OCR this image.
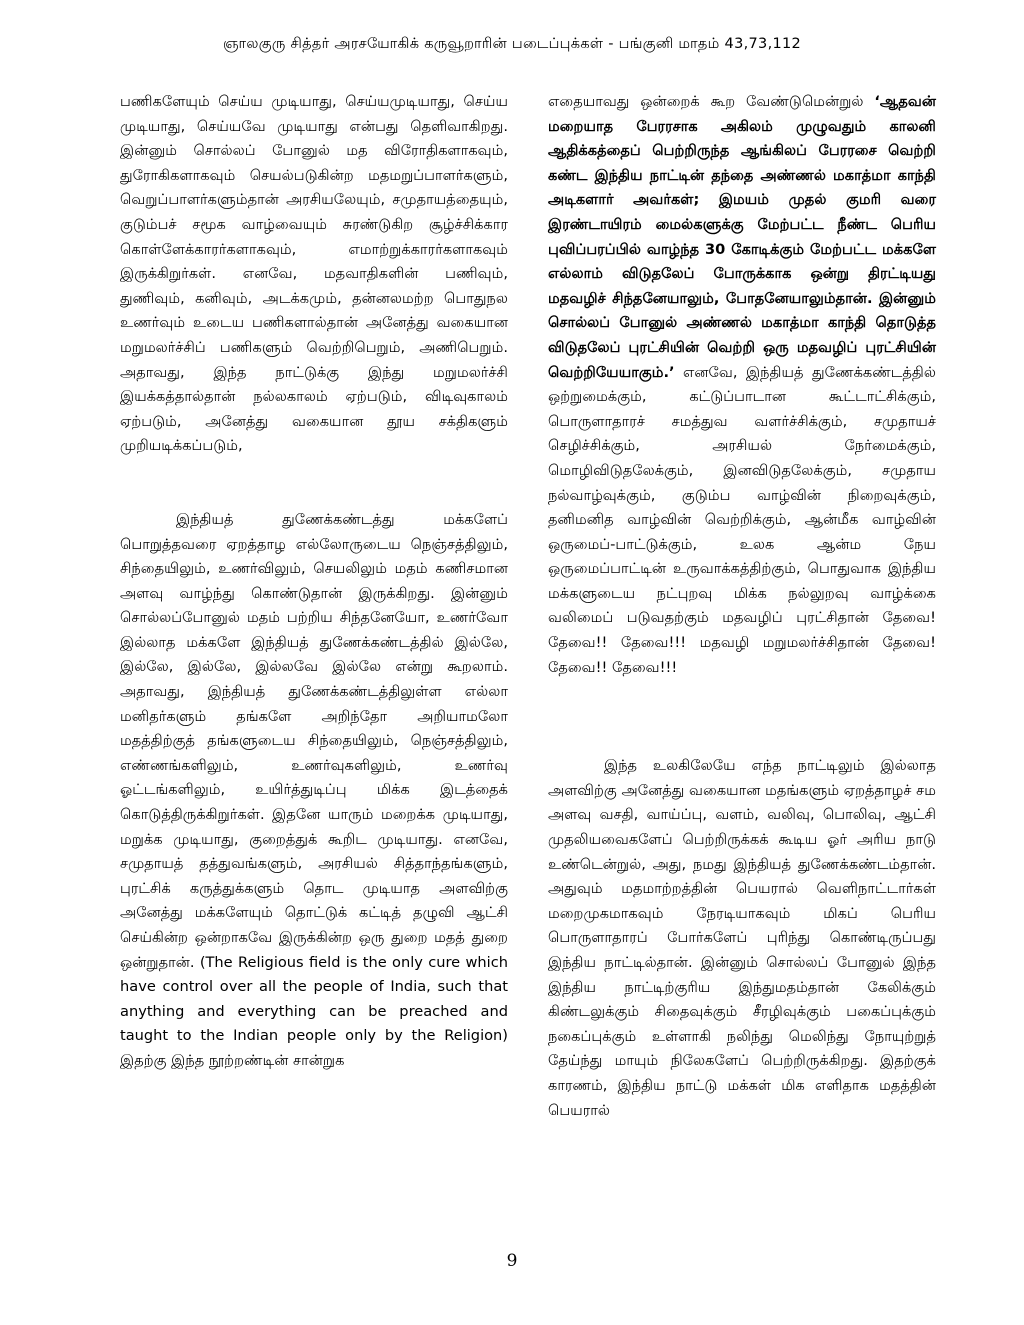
ஞாலகுரு சித்தர் அரசயோகிக் கருவூறாரின் படைப்புக்கள் - பங்குனி மாதம் 43,73,112

பணிகளேயும் செய்ய முடியாது, செய்யமுடியாது, செய்ய முடியாது, செய்யவே முடியாது என்பது தெளிவாகிறது. இன்னும் சொல்லப் போனுல் மத விரோதிகளாகவும், துரோகிகளாகவும் செயல்படுகின்ற மதமறுப்பாளர்களும், வெறுப்பாளர்களும்தான் அரசியலேயும், சமுதாயத்தையும், குடும்பச் சமூக வாழ்வையும் சுரண்டுகிற சூழ்ச்சிக்கார கொள்ளேக்காரர்களாகவும், எமாற்றுக்காரர்களாகவும் இருக்கிறுர்கள். எனவே, மதவாதிகளின் பணிவும், துணிவும், கனிவும், அடக்கமும், தன்னலமற்ற பொதுநல உணர்வும் உடைய பணிகளால்தான் அனேத்து வகையான மறுமலர்ச்சிப் பணிகளும் வெற்றிபெறும், அணிபெறும். அதாவது, இந்த நாட்டுக்கு இந்து மறுமலர்ச்சி இயக்கத்தால்தான் நல்லகாலம் ஏற்படும், விடிவுகாலம் ஏற்படும், அனேத்து வகையான தூய சக்திகளும் முறியடிக்கப்படும்,

இந்தியத் துணேக்கண்டத்து மக்களேப் பொறுத்தவரை ஏறத்தாழ எல்லோருடைய நெஞ்சத்திலும், சிந்தையிலும், உணர்விலும், செயலிலும் மதம் கணிசமான அளவு வாழ்ந்து கொண்டுதான் இருக்கிறது. இன்னும் சொல்லப்போனுல் மதம் பற்றிய சிந்தனேயோ, உணர்வோ இல்லாத மக்களே இந்தியத் துணேக்கண்டத்தில் இல்லே, இல்லே, இல்லே, இல்லவே இல்லே என்று கூறலாம். அதாவது, இந்தியத் துணேக்கண்டத்திலுள்ள எல்லா மனிதர்களும் தங்களே அறிந்தோ அறியாமலோ மதத்திற்குத் தங்களுடைய சிந்தையிலும், நெஞ்சத்திலும், எண்ணங்களிலும், உணர்வுகளிலும், உணர்வு ஓட்டங்களிலும், உயிர்த்துடிப்பு மிக்க இடத்தைக் கொடுத்திருக்கிறுர்கள். இதனே யாரும் மறைக்க முடியாது, மறுக்க முடியாது, குறைத்துக் கூறிட முடியாது. எனவே, சமுதாயத் தத்துவங்களும், அரசியல் சித்தாந்தங்களும், புரட்சிக் கருத்துக்களும் தொட முடியாத அளவிற்கு அனேத்து மக்களேயும் தொட்டுக் கட்டித் தழுவி ஆட்சி செய்கின்ற ஒன்றாகவே இருக்கின்ற ஒரு துறை மதத் துறை ஒன்றுதான். (The Religious field is the only cure which have control over all the people of India, such that anything and everything can be preached and taught to the Indian people only by the Religion) இதற்கு இந்த நூற்றண்டின் சான்றுக

எதையாவது ஒன்றைக் கூற வேண்டுமென்றுல் ‘ஆதவன் மறையாத பேரரசாக அகிலம் முழுவதும் காலனி ஆதிக்கத்தைப் பெற்றிருந்த ஆங்கிலப் பேரரசை வெற்றி கண்ட இந்திய நாட்டின் தந்தை அண்ணல் மகாத்மா காந்தி அடிகளார் அவர்கள்; இமயம் முதல் குமரி வரை இரண்டாயிரம் மைல்களுக்கு மேற்பட்ட நீண்ட பெரிய புவிப்பரப்பில் வாழ்ந்த 30 கோடிக்கும் மேற்பட்ட மக்களே எல்லாம் விடுதலேப் போருக்காக ஒன்று திரட்டியது மதவழிச் சிந்தனேயாலும், போதனேயாலும்தான். இன்னும் சொல்லப் போனுல் அண்ணல் மகாத்மா காந்தி தொடுத்த விடுதலேப் புரட்சியின் வெற்றி ஒரு மதவழிப் புரட்சியின் வெற்றியேயாகும்.’ எனவே, இந்தியத் துணேக்கண்டத்தில் ஒற்றுமைக்கும், கட்டுப்பாடான கூட்டாட்சிக்கும், பொருளாதாரச் சமத்துவ வளர்ச்சிக்கும், சமுதாயச் செழிச்சிக்கும், அரசியல் நேர்மைக்கும், மொழிவிடுதலேக்கும், இனவிடுதலேக்கும், சமுதாய நல்வாழ்வுக்கும், குடும்ப வாழ்வின் நிறைவுக்கும், தனிமனித வாழ்வின் வெற்றிக்கும், ஆன்மீக வாழ்வின் ஒருமைப்-பாட்டுக்கும், உலக ஆன்ம நேய ஒருமைப்பாட்டின் உருவாக்கத்திற்கும், பொதுவாக இந்திய மக்களுடைய நட்புறவு மிக்க நல்லுறவு வாழ்க்கை வலிமைப் படுவதற்கும் மதவழிப் புரட்சிதான் தேவை! தேவை!! தேவை!!! மதவழி மறுமலர்ச்சிதான் தேவை! தேவை!! தேவை!!!

இந்த உலகிலேயே எந்த நாட்டிலும் இல்லாத அளவிற்கு அனேத்து வகையான மதங்களும் ஏறத்தாழச் சம அளவு வசதி, வாய்ப்பு, வளம், வலிவு, பொலிவு, ஆட்சி முதலியவைகளேப் பெற்றிருக்கக் கூடிய ஓர் அரிய நாடு உண்டென்றுல், அது, நமது இந்தியத் துணேக்கண்டம்தான். அதுவும் மதமாற்றத்தின் பெயரால் வெளிநாட்டார்கள் மறைமுகமாகவும் நேரடியாகவும் மிகப் பெரிய பொருளாதாரப் போர்களேப் புரிந்து கொண்டிருப்பது இந்திய நாட்டில்தான். இன்னும் சொல்லப் போனுல் இந்த இந்திய நாட்டிற்குரிய இந்துமதம்தான் கேலிக்கும் கிண்டலுக்கும் சிதைவுக்கும் சீரழிவுக்கும் பகைப்புக்கும் நகைப்புக்கும் உள்ளாகி நலிந்து மெலிந்து நோயுற்றுத் தேய்ந்து மாயும் நிலேகளேப் பெற்றிருக்கிறது. இதற்குக் காரணம், இந்திய நாட்டு மக்கள் மிக எளிதாக மதத்தின் பெயரால்

9
